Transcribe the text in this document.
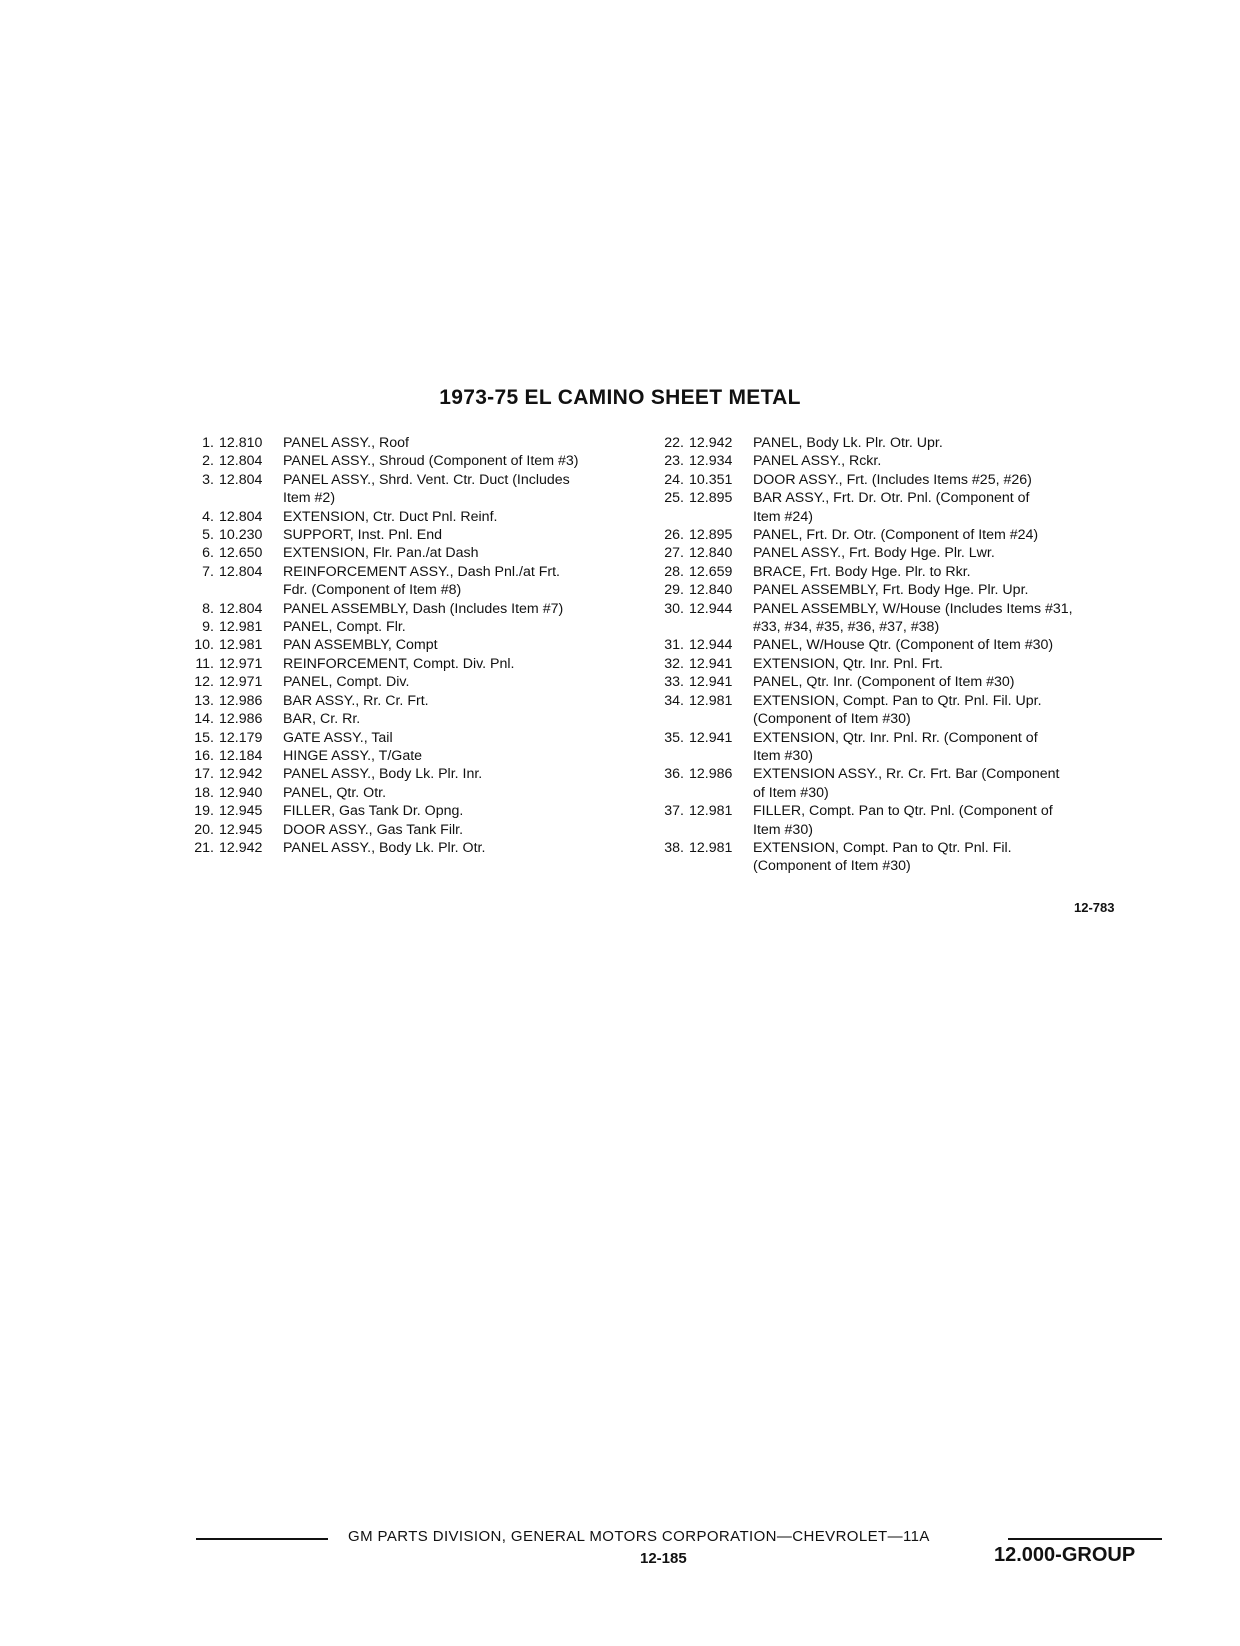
1973-75 EL CAMINO SHEET METAL
1. 12.810	PANEL ASSY., Roof
2. 12.804	PANEL ASSY., Shroud (Component of Item #3)
3. 12.804	PANEL ASSY., Shrd. Vent. Ctr. Duct (Includes
Item #2)
4. 12.804	EXTENSION, Ctr. Duct Pnl. Reinf.
5. 10.230	SUPPORT, Inst. Pnl. End
6. 12.650	EXTENSION, Flr. Pan./at Dash
7. 12.804	REINFORCEMENT ASSY., Dash Pnl./at Frt.
Fdr. (Component of Item #8)
8. 12.804	PANEL ASSEMBLY, Dash (Includes Item #7)
9. 12.981	PANEL, Compt. Flr.
10. 12.981	PAN ASSEMBLY, Compt
11. 12.971	REINFORCEMENT, Compt. Div. Pnl.
12. 12.971	PANEL, Compt. Div.
13. 12.986	BAR ASSY., Rr. Cr. Frt.
14. 12.986	BAR, Cr. Rr.
15. 12.179	GATE ASSY., Tail
16. 12.184	HINGE ASSY., T/Gate
17. 12.942	PANEL ASSY., Body Lk. Plr. Inr.
18. 12.940	PANEL, Qtr. Otr.
19. 12.945	FILLER, Gas Tank Dr. Opng.
20. 12.945	DOOR ASSY., Gas Tank Filr.
21. 12.942	PANEL ASSY., Body Lk. Plr. Otr.
22. 12.942	PANEL, Body Lk. Plr. Otr. Upr.
23. 12.934	PANEL ASSY., Rckr.
24. 10.351	DOOR ASSY., Frt. (Includes Items #25, #26)
25. 12.895	BAR ASSY., Frt. Dr. Otr. Pnl. (Component of
Item #24)
26. 12.895	PANEL, Frt. Dr. Otr. (Component of Item #24)
27. 12.840	PANEL ASSY., Frt. Body Hge. Plr. Lwr.
28. 12.659	BRACE, Frt. Body Hge. Plr. to Rkr.
29. 12.840	PANEL ASSEMBLY, Frt. Body Hge. Plr. Upr.
30. 12.944	PANEL ASSEMBLY, W/House (Includes Items #31,
#33, #34, #35, #36, #37, #38)
31. 12.944	PANEL, W/House Qtr. (Component of Item #30)
32. 12.941	EXTENSION, Qtr. Inr. Pnl. Frt.
33. 12.941	PANEL, Qtr. Inr. (Component of Item #30)
34. 12.981	EXTENSION, Compt. Pan to Qtr. Pnl. Fil. Upr.
(Component of Item #30)
35. 12.941	EXTENSION, Qtr. Inr. Pnl. Rr. (Component of
Item #30)
36. 12.986	EXTENSION ASSY., Rr. Cr. Frt. Bar (Component
of Item #30)
37. 12.981	FILLER, Compt. Pan to Qtr. Pnl. (Component of
Item #30)
38. 12.981	EXTENSION, Compt. Pan to Qtr. Pnl. Fil.
(Component of Item #30)
12-783
GM PARTS DIVISION, GENERAL MOTORS CORPORATION—CHEVROLET—11A
12-185	12.000-GROUP
